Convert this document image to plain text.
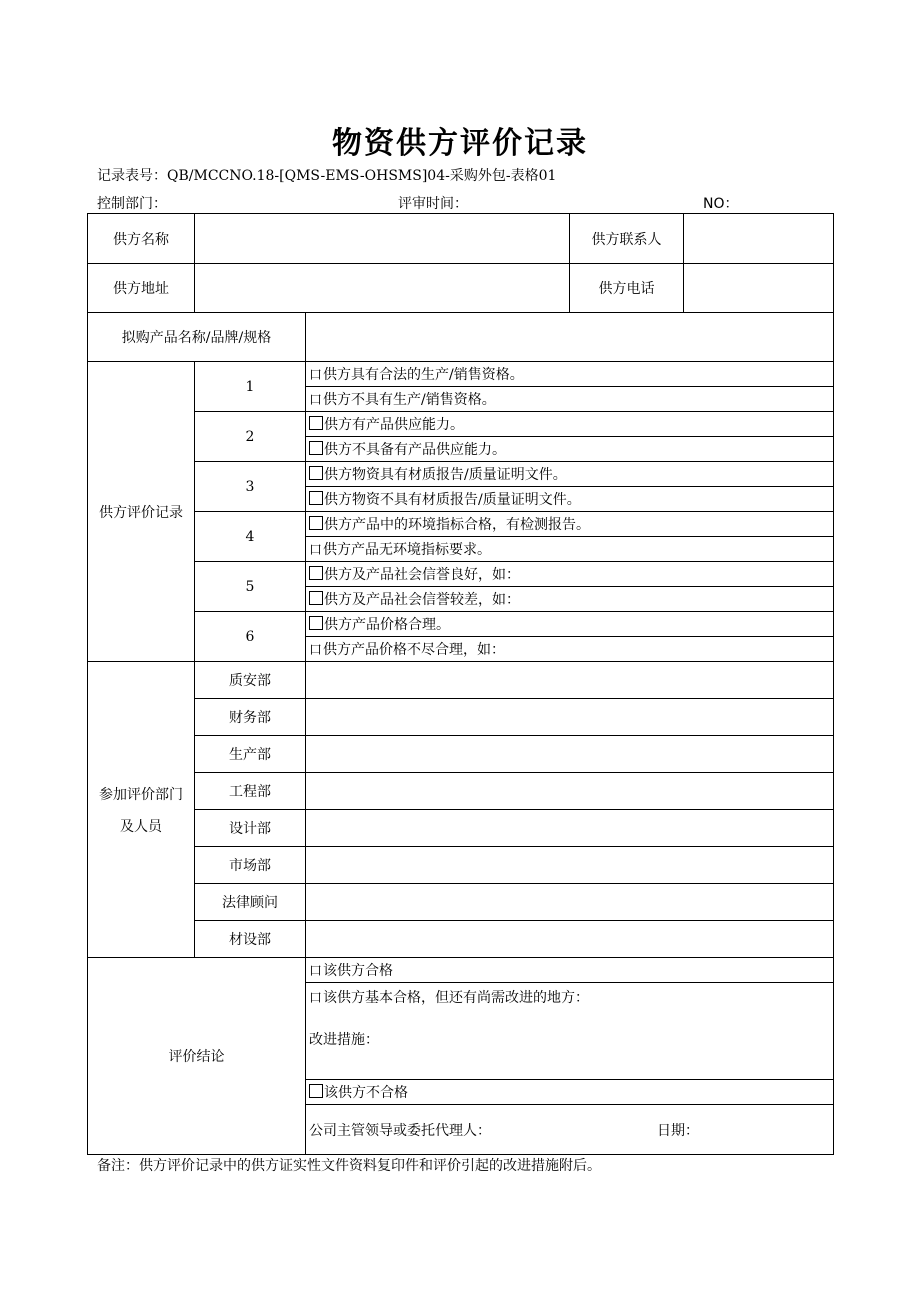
物资供方评价记录
记录表号：QB/MCCNO.18-[QMS-EMS-OHSMS]04-采购外包-表格01
控制部门：	评审时间：	NO：
供方名称			供方联系人	
供方地址			供方电话	
拟购产品名称/品牌/规格				
供方评价记录	1	口供方具有合法的生产/销售资格。		
		口供方不具有生产/销售资格。		
	2	供方有产品供应能力。		
		供方不具备有产品供应能力。		
	3	供方物资具有材质报告/质量证明文件。		
		供方物资不具有材质报告/质量证明文件。		
	4	供方产品中的环境指标合格，有检测报告。		
		口供方产品无环境指标要求。		
	5	供方及产品社会信誉良好，如：		
		供方及产品社会信誉较差，如：		
	6	供方产品价格合理。		
		口供方产品价格不尽合理，如：		

参加评价部门
及人员	质安部			
	财务部			
	生产部			
	工程部			
	设计部			
	市场部			
	法律顾问			
	材设部			
评价结论		口该供方合格		

		口该供方基本合格，但还有尚需改进的地方：
改进措施：		

		该供方不合格		

		公司主管领导或委托代理人： 日期：		
备注：供方评价记录中的供方证实性文件资料复印件和评价引起的改进措施附后。
